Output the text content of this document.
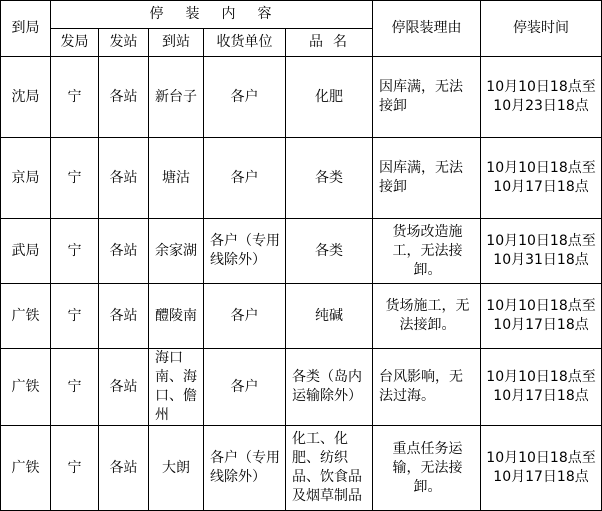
到局	停装内容					停限装理由	停装时间
	发局	发站	到站	收货单位	品名		
沈局	宁	各站	新台子	各户	化肥	因库满，无法接卸	10月10日18点至10月23日18点
京局	宁	各站	塘沽	各户	各类	因库满，无法接卸	10月10日18点至10月17日18点
武局	宁	各站	余家湖	各户（专用线除外）	各类	货场改造施工，无法接卸。	10月10日18点至10月31日18点
广铁	宁	各站	醴陵南	各户	纯碱	货场施工，无法接卸。	10月10日18点至10月17日18点
广铁	宁	各站	海口南、海口、儋州	各户	各类（岛内运输除外）	台风影响，无法过海。	10月10日18点至10月17日18点
广铁	宁	各站	大朗	各户（专用线除外）	化工、化肥、纺织品、饮食品及烟草制品	重点任务运输，无法接卸。	10月10日18点至10月17日18点
